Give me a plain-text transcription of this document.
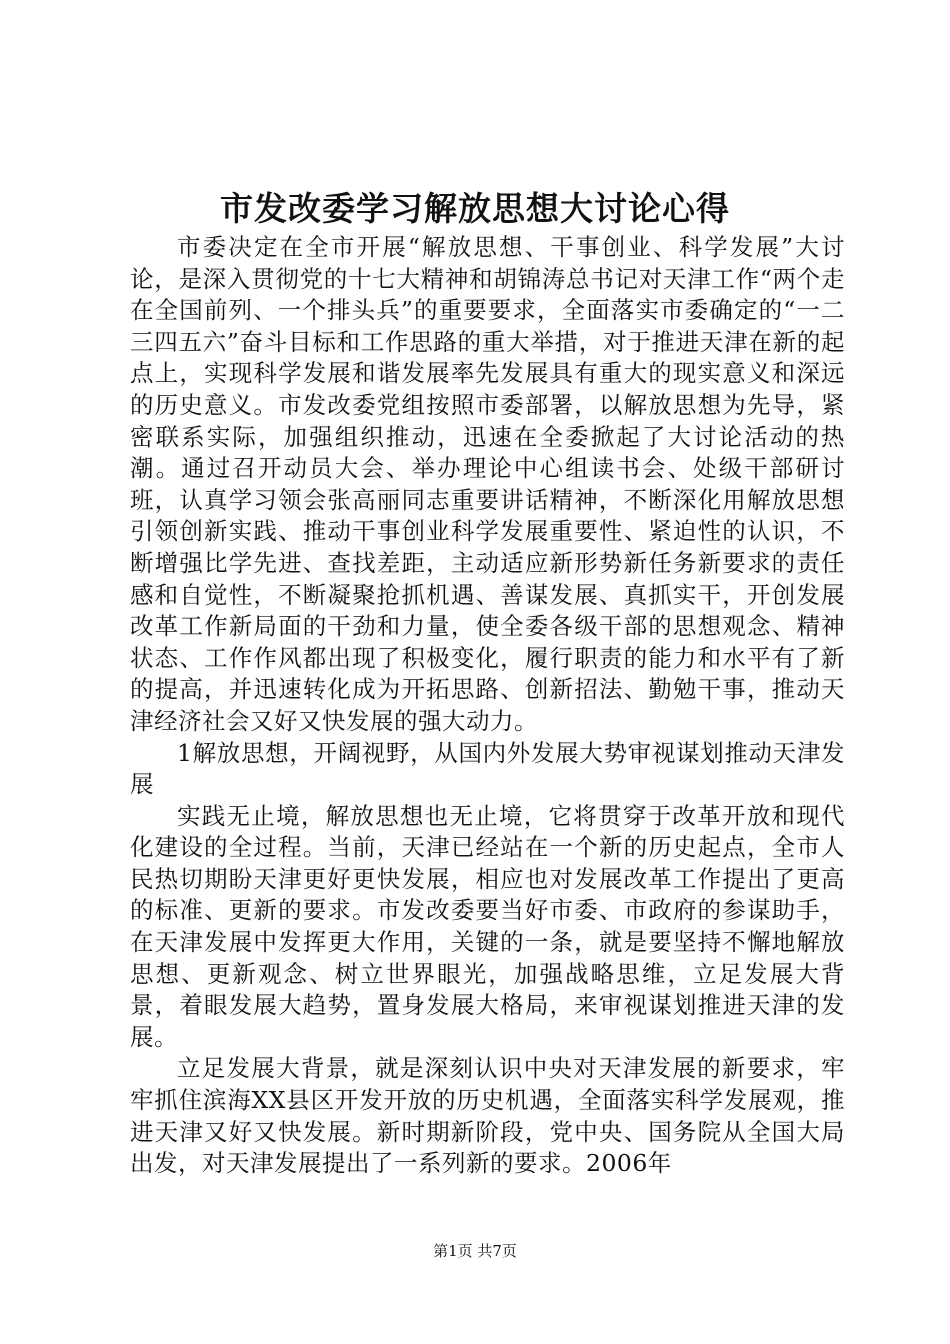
市发改委学习解放思想大讨论心得

市委决定在全市开展“解放思想、干事创业、科学发展”大讨论，是深入贯彻党的十七大精神和胡锦涛总书记对天津工作“两个走在全国前列、一个排头兵”的重要要求，全面落实市委确定的“一二三四五六”奋斗目标和工作思路的重大举措，对于推进天津在新的起点上，实现科学发展和谐发展率先发展具有重大的现实意义和深远的历史意义。市发改委党组按照市委部署，以解放思想为先导，紧密联系实际，加强组织推动，迅速在全委掀起了大讨论活动的热潮。通过召开动员大会、举办理论中心组读书会、处级干部研讨班，认真学习领会张高丽同志重要讲话精神，不断深化用解放思想引领创新实践、推动干事创业科学发展重要性、紧迫性的认识，不断增强比学先进、查找差距，主动适应新形势新任务新要求的责任感和自觉性，不断凝聚抢抓机遇、善谋发展、真抓实干，开创发展改革工作新局面的干劲和力量，使全委各级干部的思想观念、精神状态、工作作风都出现了积极变化，履行职责的能力和水平有了新的提高，并迅速转化成为开拓思路、创新招法、勤勉干事，推动天津经济社会又好又快发展的强大动力。

1解放思想，开阔视野，从国内外发展大势审视谋划推动天津发展

实践无止境，解放思想也无止境，它将贯穿于改革开放和现代化建设的全过程。当前，天津已经站在一个新的历史起点，全市人民热切期盼天津更好更快发展，相应也对发展改革工作提出了更高的标准、更新的要求。市发改委要当好市委、市政府的参谋助手，在天津发展中发挥更大作用，关键的一条，就是要坚持不懈地解放思想、更新观念、树立世界眼光，加强战略思维，立足发展大背景，着眼发展大趋势，置身发展大格局，来审视谋划推进天津的发展。

立足发展大背景，就是深刻认识中央对天津发展的新要求，牢牢抓住滨海XX县区开发开放的历史机遇，全面落实科学发展观，推进天津又好又快发展。新时期新阶段，党中央、国务院从全国大局出发，对天津发展提出了一系列新的要求。2006年

第1页 共7页
